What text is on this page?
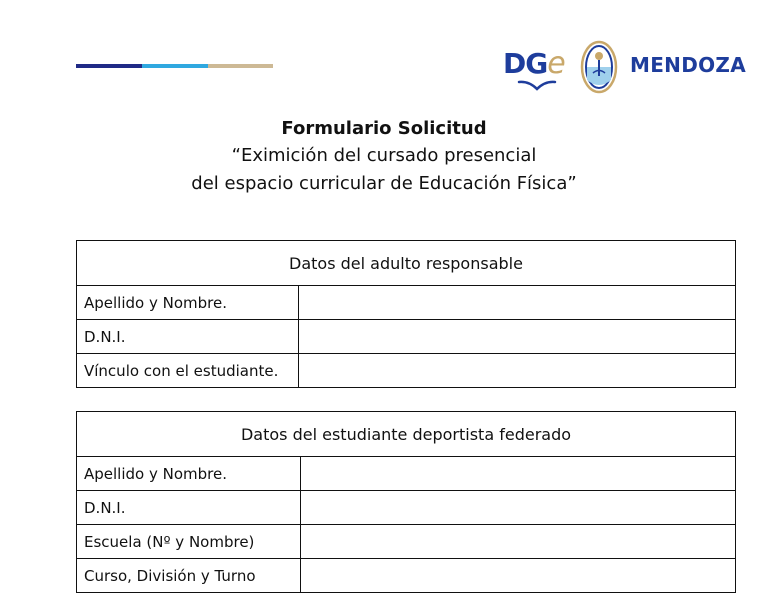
DGe	MENDOZA
Formulario Solicitud
“Eximición del cursado presencial
del espacio curricular de Educación Física”
Datos del adulto responsable	
Apellido y Nombre.	
D.N.I.	
Vínculo con el estudiante.	
Datos del estudiante deportista federado	
Apellido y Nombre.	
D.N.I.	
Escuela (Nº y Nombre)	
Curso, División y Turno	
